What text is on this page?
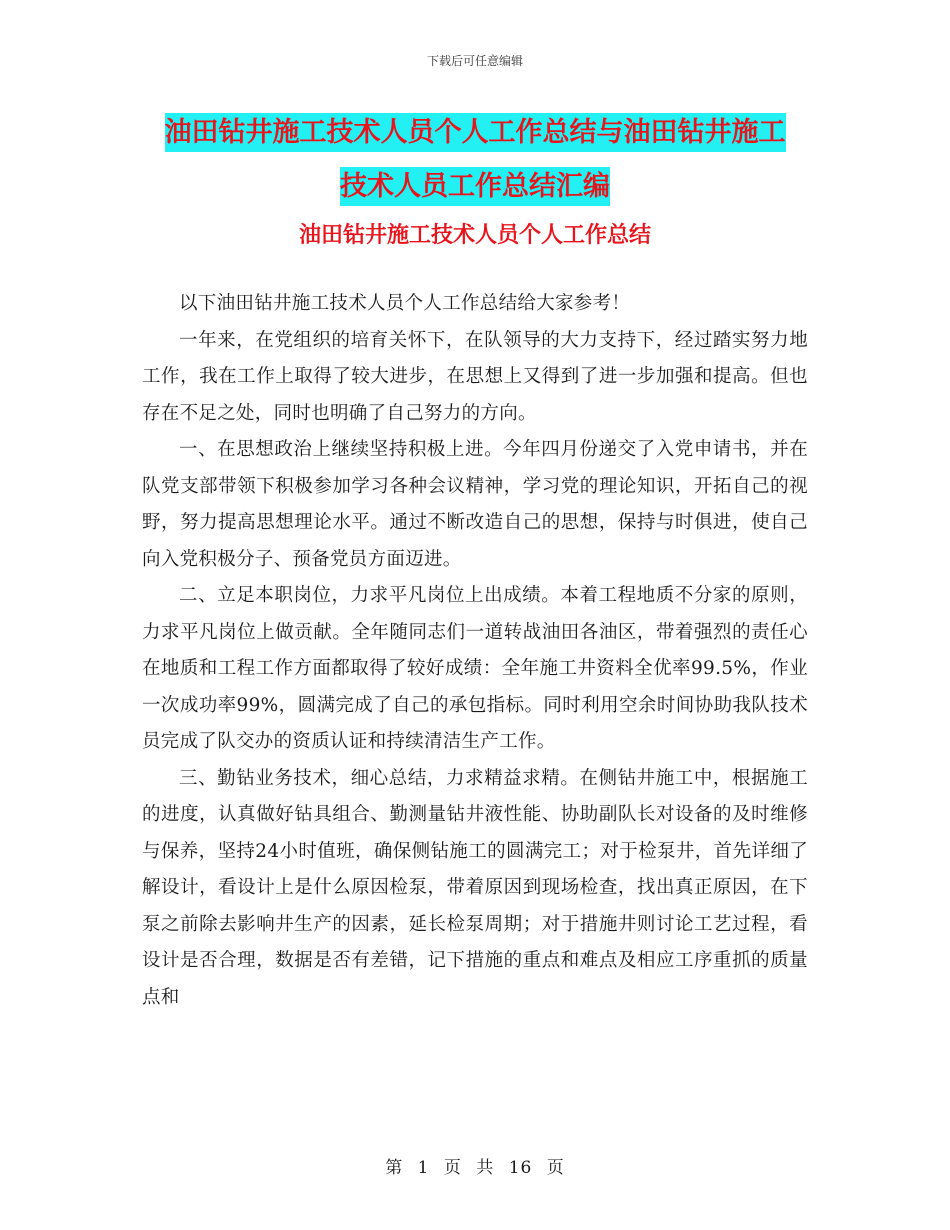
下载后可任意编辑
油田钻井施工技术人员个人工作总结与油田钻井施工
技术人员工作总结汇编
油田钻井施工技术人员个人工作总结

以下油田钻井施工技术人员个人工作总结给大家参考！

一年来，在党组织的培育关怀下，在队领导的大力支持下，经过踏实努力地工作，我在工作上取得了较大进步，在思想上又得到了进一步加强和提高。但也存在不足之处，同时也明确了自己努力的方向。

一、在思想政治上继续坚持积极上进。今年四月份递交了入党申请书，并在队党支部带领下积极参加学习各种会议精神，学习党的理论知识，开拓自己的视野，努力提高思想理论水平。通过不断改造自己的思想，保持与时俱进，使自己向入党积极分子、预备党员方面迈进。

二、立足本职岗位，力求平凡岗位上出成绩。本着工程地质不分家的原则，力求平凡岗位上做贡献。全年随同志们一道转战油田各油区，带着强烈的责任心在地质和工程工作方面都取得了较好成绩：全年施工井资料全优率99.5%，作业一次成功率99%，圆满完成了自己的承包指标。同时利用空余时间协助我队技术员完成了队交办的资质认证和持续清洁生产工作。

三、勤钻业务技术，细心总结，力求精益求精。在侧钻井施工中，根据施工的进度，认真做好钻具组合、勤测量钻井液性能、协助副队长对设备的及时维修与保养，坚持24小时值班，确保侧钻施工的圆满完工；对于检泵井，首先详细了解设计，看设计上是什么原因检泵，带着原因到现场检查，找出真正原因，在下泵之前除去影响井生产的因素，延长检泵周期；对于措施井则讨论工艺过程，看设计是否合理，数据是否有差错，记下措施的重点和难点及相应工序重抓的质量点和

第 1 页 共 16 页
